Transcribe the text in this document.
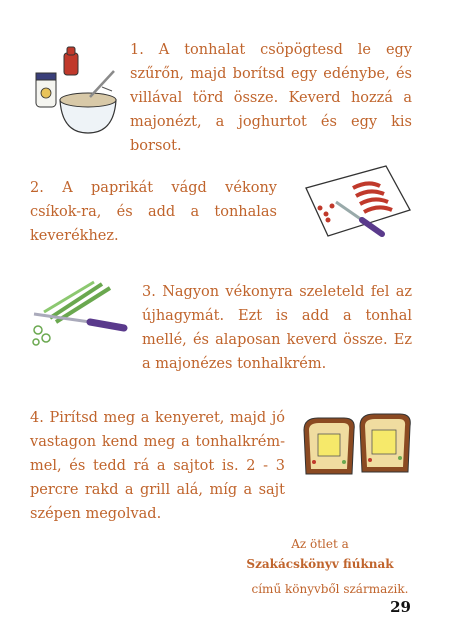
1. A tonhalat csöpögtesd le egy szűrőn, majd borítsd egy edénybe, és villával törd össze. Keverd hozzá a majonézt, a joghurtot és egy kis borsot.
2. A paprikát vágd vékony csíkok-ra, és add a tonhalas keverékhez.
3. Nagyon vékonyra szeleteld fel az újhagymát. Ezt is add a tonhal mellé, és alaposan keverd össze. Ez a majonézes tonhalkrém.
4. Pirítsd meg a kenyeret, majd jó vastagon kend meg a tonhalkrém-mel, és tedd rá a sajtot is. 2 - 3 percre rakd a grill alá, míg a sajt szépen megolvad.
Az ötlet a
Szakácskönyv fiúknak
című könyvből származik.
29
